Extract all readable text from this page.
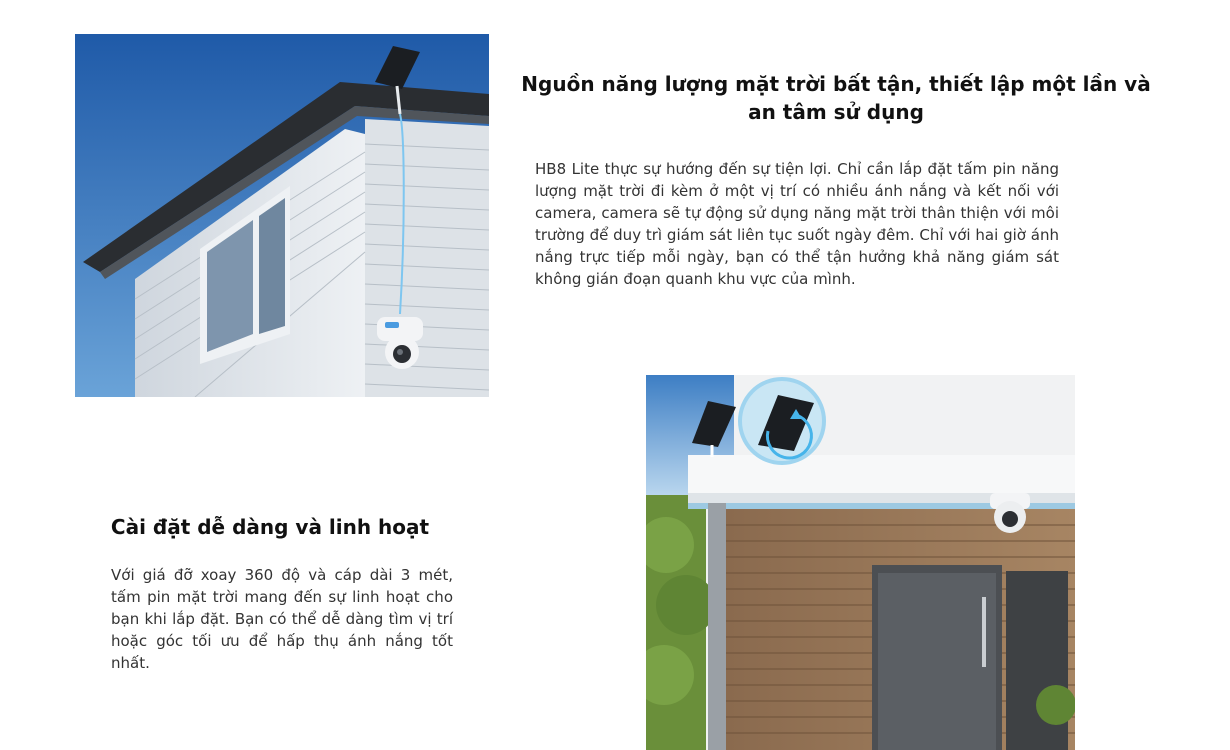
Nguồn năng lượng mặt trời bất tận, thiết lập một lần và an tâm sử dụng

HB8 Lite thực sự hướng đến sự tiện lợi. Chỉ cần lắp đặt tấm pin năng lượng mặt trời đi kèm ở một vị trí có nhiều ánh nắng và kết nối với camera, camera sẽ tự động sử dụng năng mặt trời thân thiện với môi trường để duy trì giám sát liên tục suốt ngày đêm. Chỉ với hai giờ ánh nắng trực tiếp mỗi ngày, bạn có thể tận hưởng khả năng giám sát không gián đoạn quanh khu vực của mình.

Cài đặt dễ dàng và linh hoạt

Với giá đỡ xoay 360 độ và cáp dài 3 mét, tấm pin mặt trời mang đến sự linh hoạt cho bạn khi lắp đặt. Bạn có thể dễ dàng tìm vị trí hoặc góc tối ưu để hấp thụ ánh nắng tốt nhất.
